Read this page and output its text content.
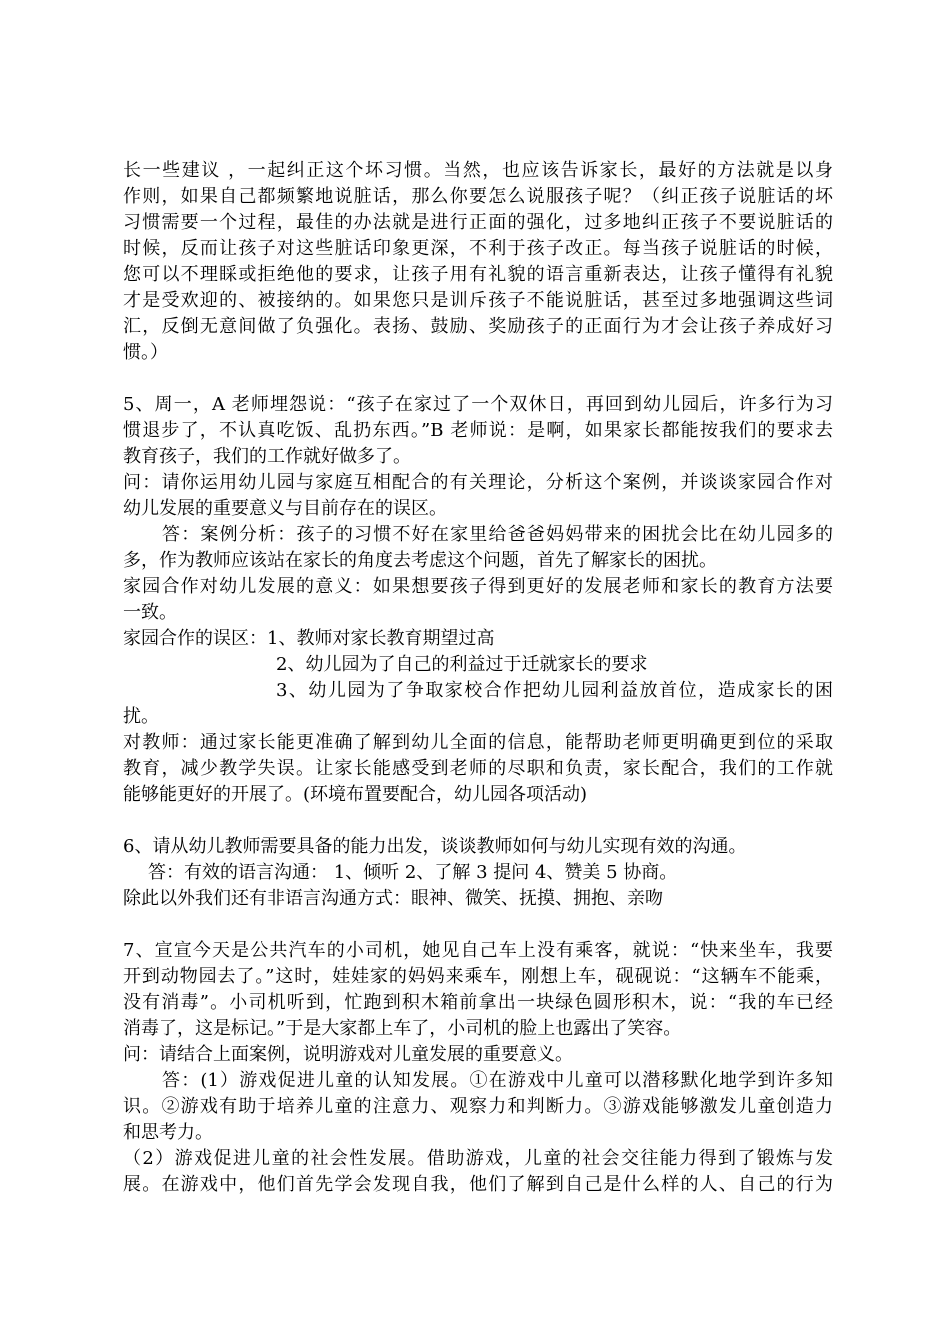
长一些建议 ，一起纠正这个坏习惯。当然，也应该告诉家长，最好的方法就是以身
作则，如果自己都频繁地说脏话，那么你要怎么说服孩子呢？（纠正孩子说脏话的坏
习惯需要一个过程，最佳的办法就是进行正面的强化，过多地纠正孩子不要说脏话的
时候，反而让孩子对这些脏话印象更深，不利于孩子改正。每当孩子说脏话的时候，
您可以不理睬或拒绝他的要求，让孩子用有礼貌的语言重新表达，让孩子懂得有礼貌
才是受欢迎的、被接纳的。如果您只是训斥孩子不能说脏话，甚至过多地强调这些词
汇，反倒无意间做了负强化。表扬、鼓励、奖励孩子的正面行为才会让孩子养成好习
惯。）
5、周一，A 老师埋怨说：“孩子在家过了一个双休日，再回到幼儿园后，许多行为习
惯退步了，不认真吃饭、乱扔东西。”B 老师说：是啊，如果家长都能按我们的要求去
教育孩子，我们的工作就好做多了。
问：请你运用幼儿园与家庭互相配合的有关理论，分析这个案例，并谈谈家园合作对
幼儿发展的重要意义与目前存在的误区。
答：案例分析：孩子的习惯不好在家里给爸爸妈妈带来的困扰会比在幼儿园多的
多，作为教师应该站在家长的角度去考虑这个问题，首先了解家长的困扰。
家园合作对幼儿发展的意义：如果想要孩子得到更好的发展老师和家长的教育方法要
一致。
家园合作的误区：1、教师对家长教育期望过高
2、幼儿园为了自己的利益过于迁就家长的要求
3、幼儿园为了争取家校合作把幼儿园利益放首位，造成家长的困
扰。
对教师：通过家长能更准确了解到幼儿全面的信息，能帮助老师更明确更到位的采取
教育，减少教学失误。让家长能感受到老师的尽职和负责，家长配合，我们的工作就
能够能更好的开展了。(环境布置要配合，幼儿园各项活动)
6、请从幼儿教师需要具备的能力出发，谈谈教师如何与幼儿实现有效的沟通。
答：有效的语言沟通： 1、倾听 2、了解 3 提问 4、赞美 5 协商。
除此以外我们还有非语言沟通方式：眼神、微笑、抚摸、拥抱、亲吻
7、宣宣今天是公共汽车的小司机，她见自己车上没有乘客，就说：“快来坐车，我要
开到动物园去了。”这时，娃娃家的妈妈来乘车，刚想上车，砚砚说：“这辆车不能乘，
没有消毒”。小司机听到，忙跑到积木箱前拿出一块绿色圆形积木，说：“我的车已经
消毒了，这是标记。”于是大家都上车了，小司机的脸上也露出了笑容。
问：请结合上面案例，说明游戏对儿童发展的重要意义。
答：(1）游戏促进儿童的认知发展。①在游戏中儿童可以潜移默化地学到许多知
识。②游戏有助于培养儿童的注意力、观察力和判断力。③游戏能够激发儿童创造力
和思考力。
（2）游戏促进儿童的社会性发展。借助游戏，儿童的社会交往能力得到了锻炼与发
展。在游戏中，他们首先学会发现自我，他们了解到自己是什么样的人、自己的行为
